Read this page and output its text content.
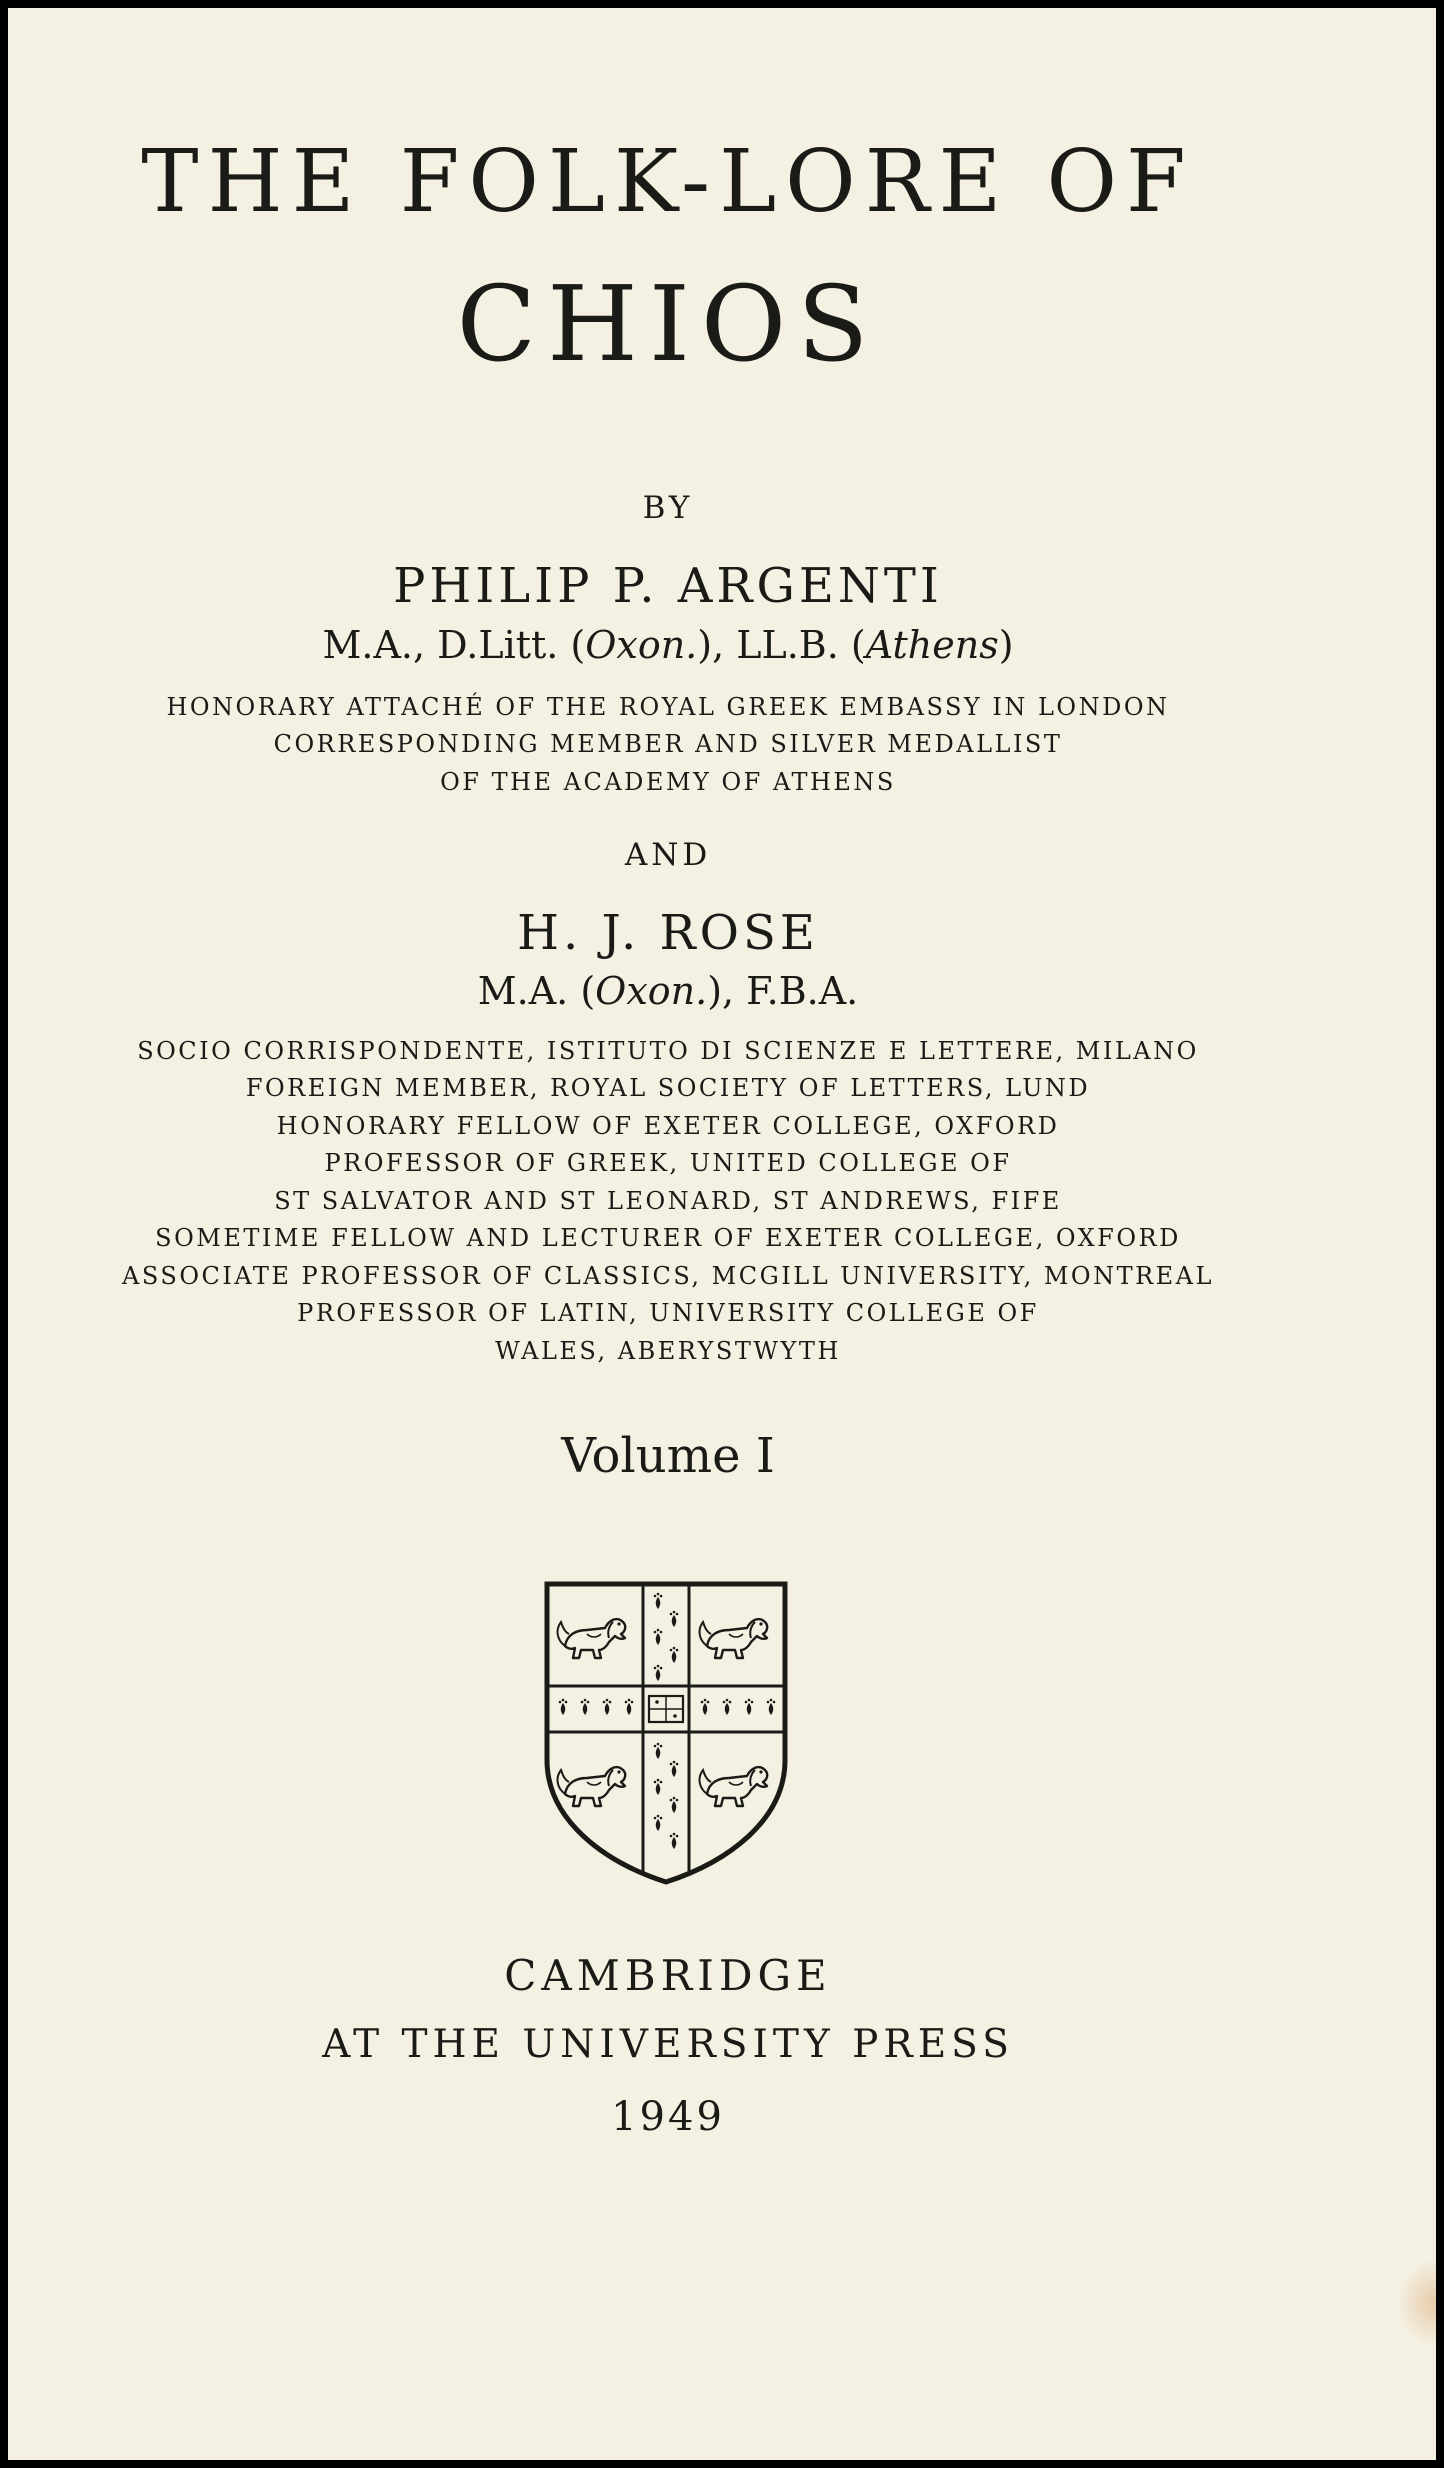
THE FOLK-LORE OF
CHIOS
BY
PHILIP P. ARGENTI
M.A., D.Litt. (Oxon.), LL.B. (Athens)
HONORARY ATTACHÉ OF THE ROYAL GREEK EMBASSY IN LONDON
CORRESPONDING MEMBER AND SILVER MEDALLIST
OF THE ACADEMY OF ATHENS
AND
H. J. ROSE
M.A. (Oxon.), F.B.A.
SOCIO CORRISPONDENTE, ISTITUTO DI SCIENZE E LETTERE, MILANO
FOREIGN MEMBER, ROYAL SOCIETY OF LETTERS, LUND
HONORARY FELLOW OF EXETER COLLEGE, OXFORD
PROFESSOR OF GREEK, UNITED COLLEGE OF
ST SALVATOR AND ST LEONARD, ST ANDREWS, FIFE
SOMETIME FELLOW AND LECTURER OF EXETER COLLEGE, OXFORD
ASSOCIATE PROFESSOR OF CLASSICS, MCGILL UNIVERSITY, MONTREAL
PROFESSOR OF LATIN, UNIVERSITY COLLEGE OF
WALES, ABERYSTWYTH
Volume I
CAMBRIDGE
AT THE UNIVERSITY PRESS
1949
